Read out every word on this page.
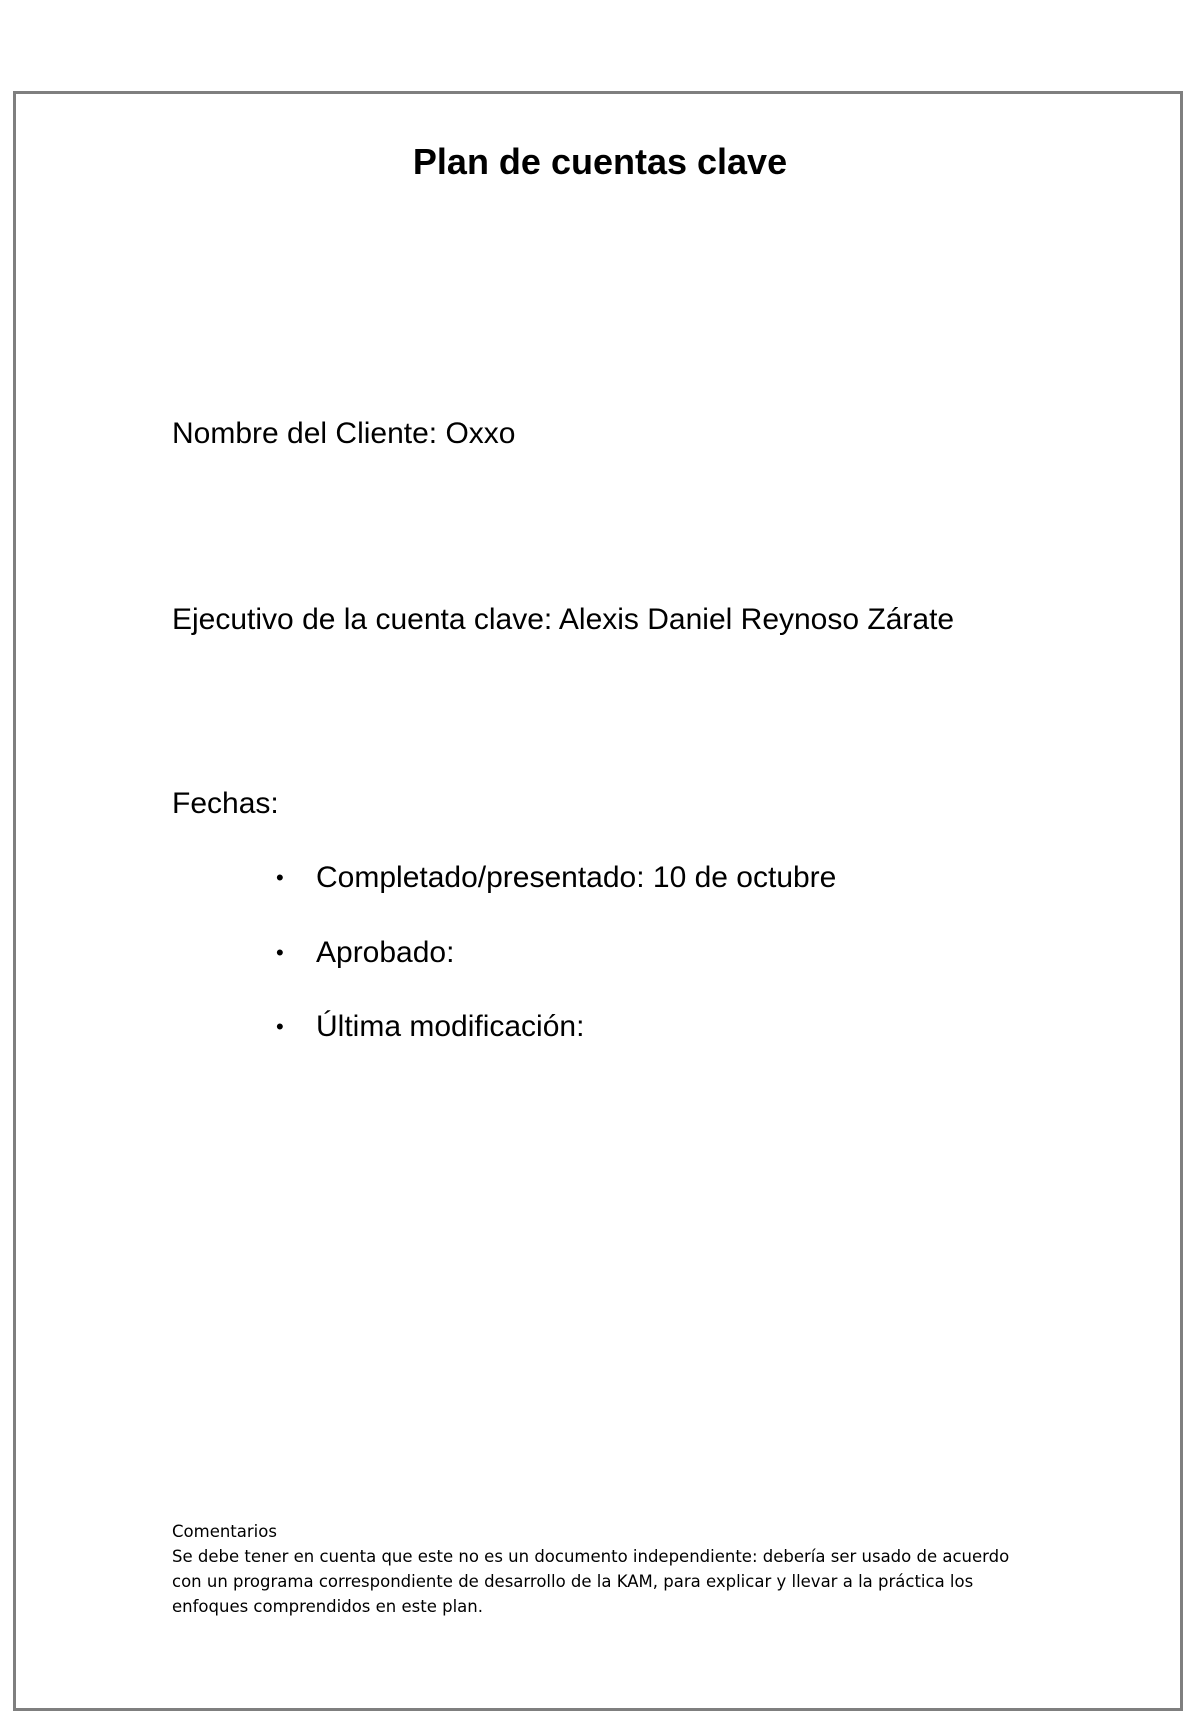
Plan de cuentas clave

Nombre del Cliente: Oxxo

Ejecutivo de la cuenta clave: Alexis Daniel Reynoso Zárate

Fechas:

• Completado/presentado: 10 de octubre
• Aprobado:
• Última modificación:

Comentarios

Se debe tener en cuenta que este no es un documento independiente: debería ser usado de acuerdo con un programa correspondiente de desarrollo de la KAM, para explicar y llevar a la práctica los enfoques comprendidos en este plan.
